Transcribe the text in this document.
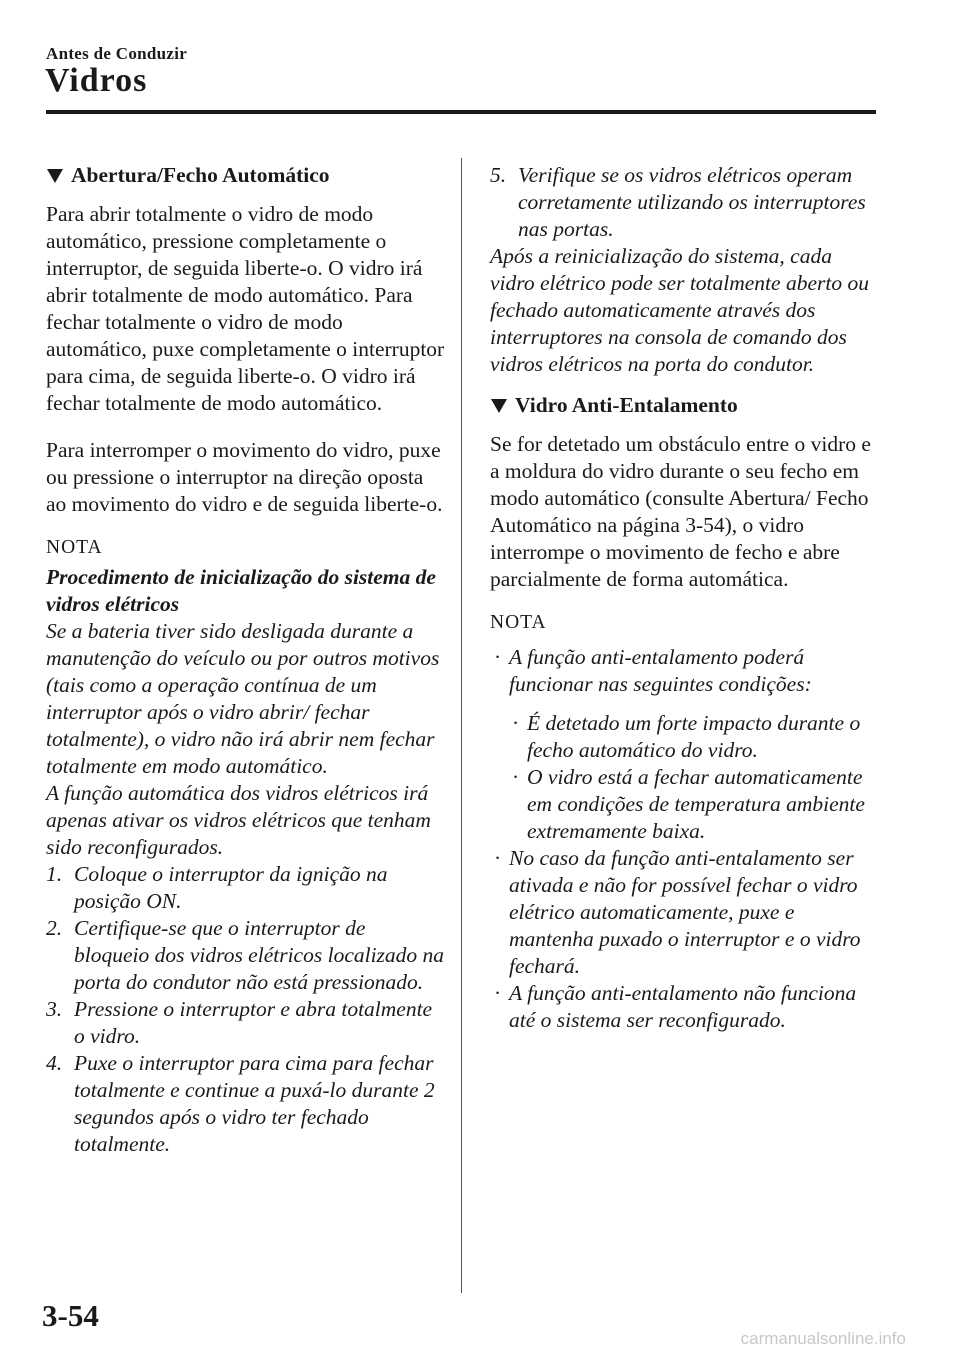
Antes de Conduzir
Vidros
Abertura/Fecho Automático

Para abrir totalmente o vidro de modo automático, pressione completamente o interruptor, de seguida liberte-o. O vidro irá abrir totalmente de modo automático. Para fechar totalmente o vidro de modo automático, puxe completamente o interruptor para cima, de seguida liberte-o. O vidro irá fechar totalmente de modo automático.

Para interromper o movimento do vidro, puxe ou pressione o interruptor na direção oposta ao movimento do vidro e de seguida liberte-o.

NOTA

Procedimento de inicialização do sistema de vidros elétricos

Se a bateria tiver sido desligada durante a manutenção do veículo ou por outros motivos (tais como a operação contínua de um interruptor após o vidro abrir/ fechar totalmente), o vidro não irá abrir nem fechar totalmente em modo automático.

A função automática dos vidros elétricos irá apenas ativar os vidros elétricos que tenham sido reconfigurados.

1. Coloque o interruptor da ignição na posição ON.
2. Certifique-se que o interruptor de bloqueio dos vidros elétricos localizado na porta do condutor não está pressionado.
3. Pressione o interruptor e abra totalmente o vidro.
4. Puxe o interruptor para cima para fechar totalmente e continue a puxá-lo durante 2 segundos após o vidro ter fechado totalmente.
5. Verifique se os vidros elétricos operam corretamente utilizando os interruptores nas portas.

Após a reinicialização do sistema, cada vidro elétrico pode ser totalmente aberto ou fechado automaticamente através dos interruptores na consola de comando dos vidros elétricos na porta do condutor.

Vidro Anti-Entalamento

Se for detetado um obstáculo entre o vidro e a moldura do vidro durante o seu fecho em modo automático (consulte Abertura/ Fecho Automático na página 3-54), o vidro interrompe o movimento de fecho e abre parcialmente de forma automática.

NOTA
· A função anti-entalamento poderá funcionar nas seguintes condições:
· É detetado um forte impacto durante o fecho automático do vidro.
· O vidro está a fechar automaticamente em condições de temperatura ambiente extremamente baixa.
· No caso da função anti-entalamento ser ativada e não for possível fechar o vidro elétrico automaticamente, puxe e mantenha puxado o interruptor e o vidro fechará.
· A função anti-entalamento não funciona até o sistema ser reconfigurado.
3-54
carmanualsonline.info
